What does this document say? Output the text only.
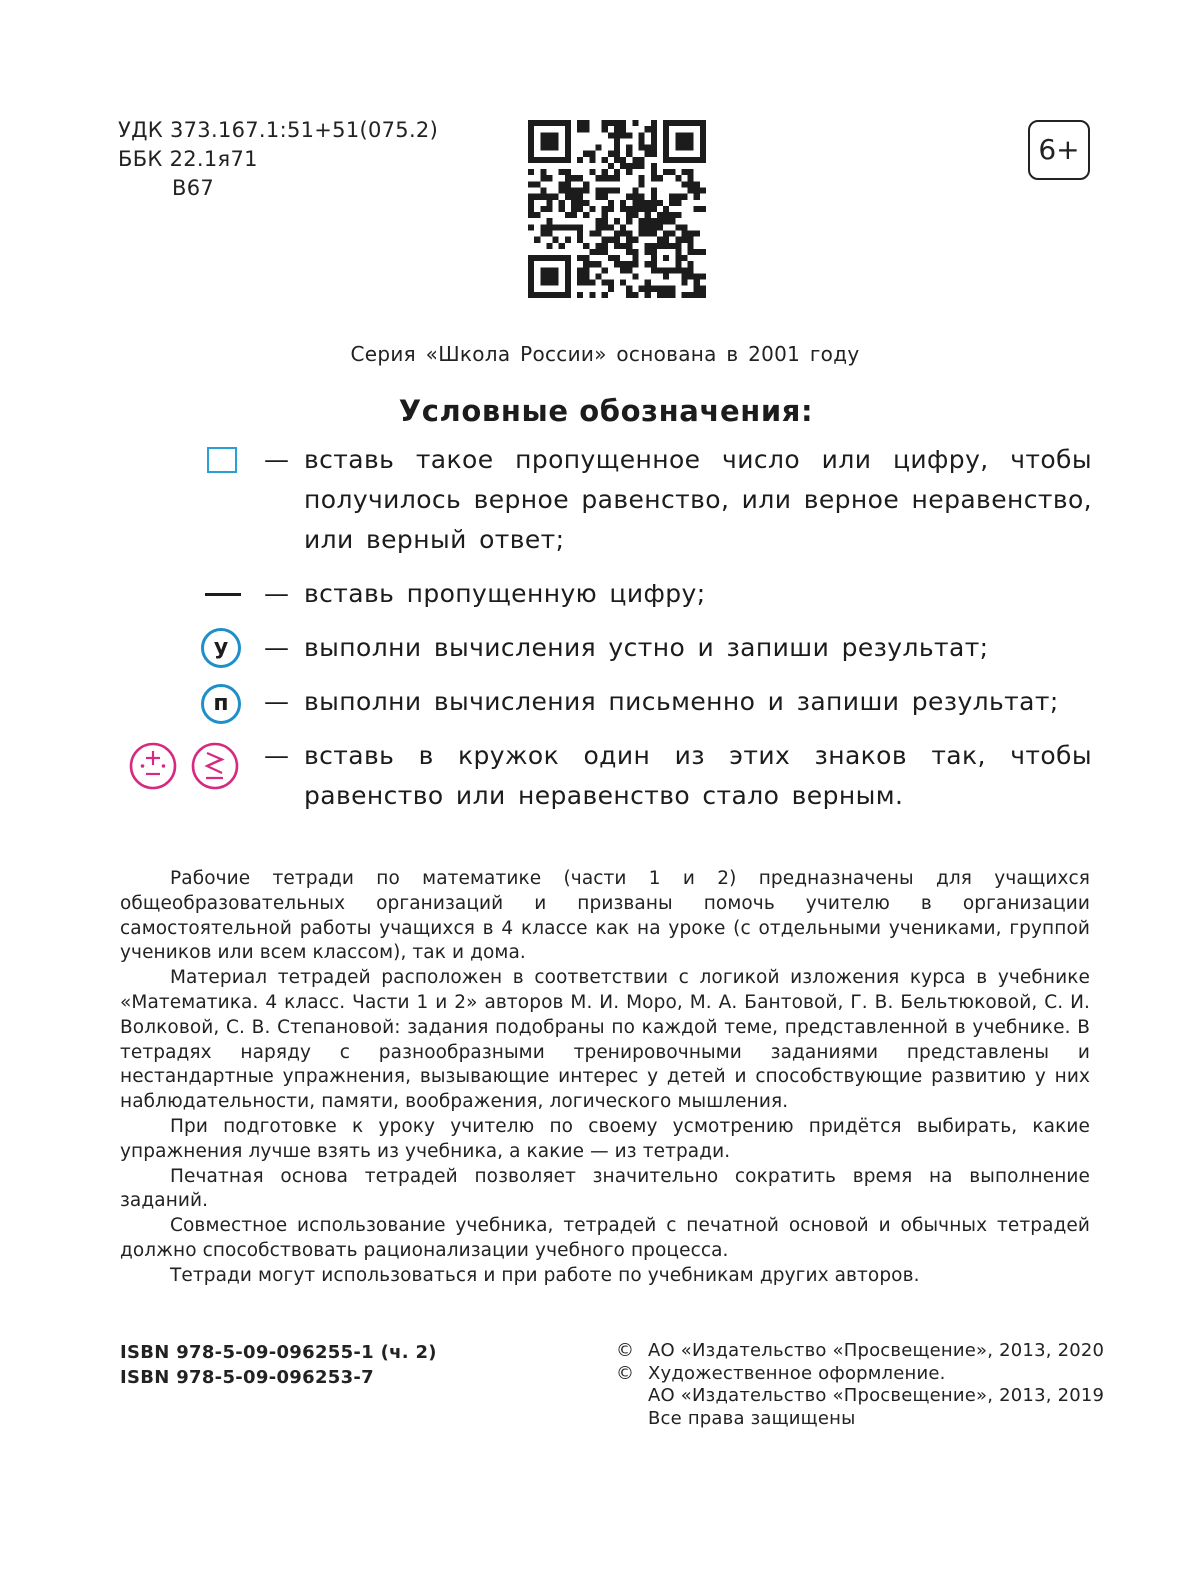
УДК 373.167.1:51+51(075.2)
ББК 22.1я71
В67
6+
Серия «Школа России» основана в 2001 году
Условные обозначения:
— вставь такое пропущенное число или цифру, чтобы получилось верное равенство, или верное неравенство, или верный ответ;
— вставь пропущенную цифру;
у	— выполни вычисления устно и запиши результат;
п	— выполни вычисления письменно и запиши результат;
— вставь в кружок один из этих знаков так, чтобы равенство или неравенство стало верным.

Рабочие тетради по математике (части 1 и 2) предназначены для учащихся общеобразовательных организаций и призваны помочь учителю в организации самостоятельной работы учащихся в 4 классе как на уроке (с отдельными учениками, группой учеников или всем классом), так и дома.

Материал тетрадей расположен в соответствии с логикой изложения курса в учебнике «Математика. 4 класс. Части 1 и 2» авторов М. И. Моро, М. А. Бантовой, Г. В. Бельтюковой, С. И. Волковой, С. В. Степановой: задания подобраны по каждой теме, представленной в учебнике. В тетрадях наряду с разнообразными тренировочными заданиями представлены и нестандартные упражнения, вызывающие интерес у детей и способствующие развитию у них наблюдательности, памяти, воображения, логического мышления.

При подготовке к уроку учителю по своему усмотрению придётся выбирать, какие упражнения лучше взять из учебника, а какие — из тетради.

Печатная основа тетрадей позволяет значительно сократить время на выполнение заданий.

Совместное использование учебника, тетрадей с печатной основой и обычных тетрадей должно способствовать рационализации учебного процесса.

Тетради могут использоваться и при работе по учебникам других авторов.

ISBN 978-5-09-096255-1 (ч. 2)
ISBN 978-5-09-096253-7
© АО «Издательство «Просвещение», 2013, 2020
© Художественное оформление.
АО «Издательство «Просвещение», 2013, 2019
Все права защищены
